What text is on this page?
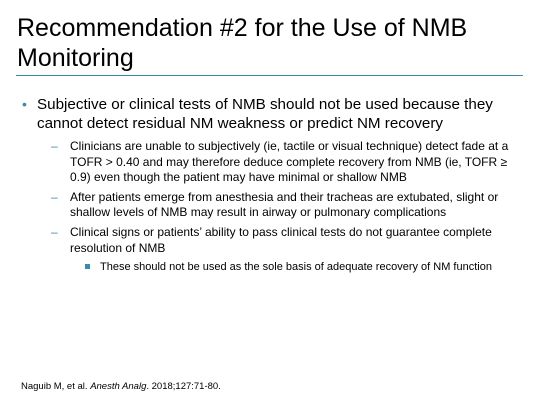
Recommendation #2 for the Use of NMB Monitoring
• Subjective or clinical tests of NMB should not be used because they cannot detect residual NM weakness or predict NM recovery
– Clinicians are unable to subjectively (ie, tactile or visual technique) detect fade at a TOFR > 0.40 and may therefore deduce complete recovery from NMB (ie, TOFR ≥ 0.9) even though the patient may have minimal or shallow NMB
– After patients emerge from anesthesia and their tracheas are extubated, slight or shallow levels of NMB may result in airway or pulmonary complications
– Clinical signs or patients’ ability to pass clinical tests do not guarantee complete resolution of NMB
These should not be used as the sole basis of adequate recovery of NM function
Naguib M, et al. Anesth Analg. 2018;127:71-80.
